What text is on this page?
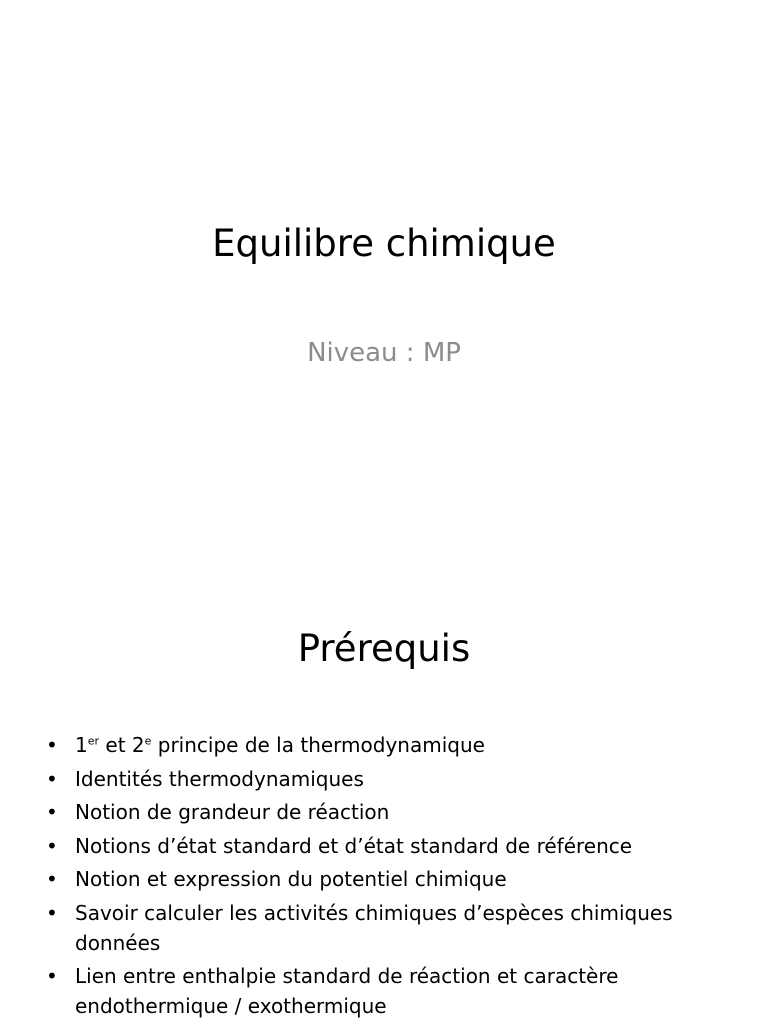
Equilibre chimique
Niveau : MP
Prérequis
• 1er et 2e principe de la thermodynamique
• Identités thermodynamiques
• Notion de grandeur de réaction
• Notions d’état standard et d’état standard de référence
• Notion et expression du potentiel chimique
• Savoir calculer les activités chimiques d’espèces chimiques données
• Lien entre enthalpie standard de réaction et caractère endothermique / exothermique
